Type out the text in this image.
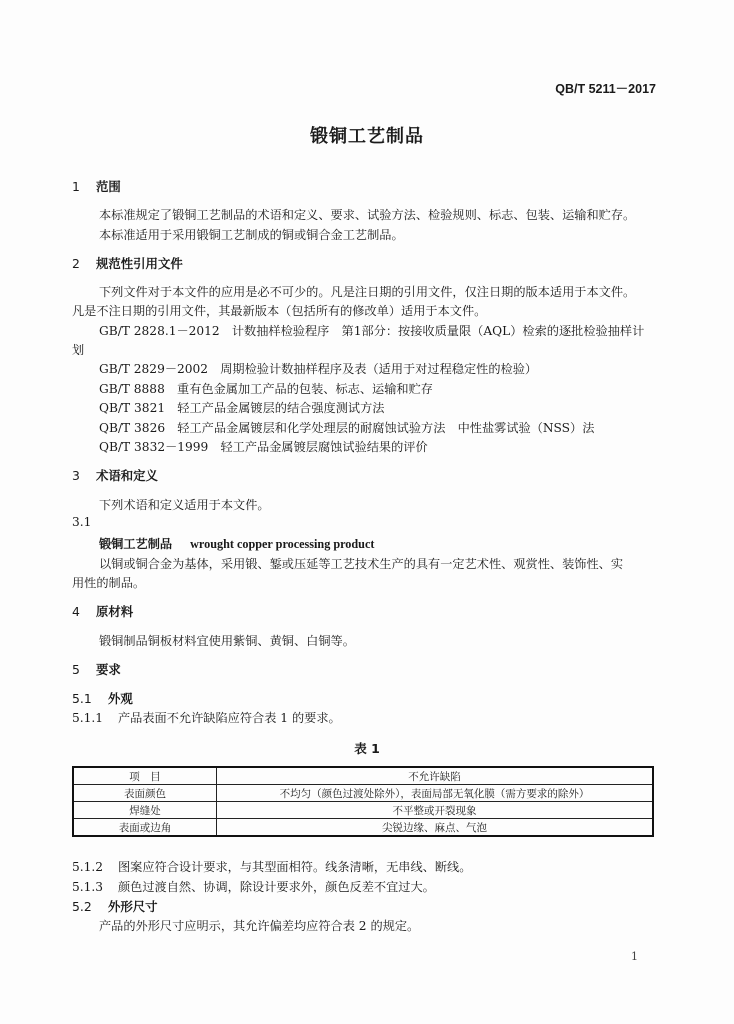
QB/T 5211－2017
锻铜工艺制品
1 范围
本标准规定了锻铜工艺制品的术语和定义、要求、试验方法、检验规则、标志、包装、运输和贮存。
本标准适用于采用锻铜工艺制成的铜或铜合金工艺制品。
2 规范性引用文件
下列文件对于本文件的应用是必不可少的。凡是注日期的引用文件，仅注日期的版本适用于本文件。
凡是不注日期的引用文件，其最新版本（包括所有的修改单）适用于本文件。
GB/T 2828.1－2012　计数抽样检验程序　第1部分：按接收质量限（AQL）检索的逐批检验抽样计
划
GB/T 2829－2002　周期检验计数抽样程序及表（适用于对过程稳定性的检验）
GB/T 8888　重有色金属加工产品的包装、标志、运输和贮存
QB/T 3821　轻工产品金属镀层的结合强度测试方法
QB/T 3826　轻工产品金属镀层和化学处理层的耐腐蚀试验方法　中性盐雾试验（NSS）法
QB/T 3832－1999　轻工产品金属镀层腐蚀试验结果的评价
3 术语和定义
下列术语和定义适用于本文件。
3.1
锻铜工艺制品 wrought copper processing product
以铜或铜合金为基体，采用锻、錾或压延等工艺技术生产的具有一定艺术性、观赏性、装饰性、实
用性的制品。
4 原材料
锻铜制品铜板材料宜使用紫铜、黄铜、白铜等。
5 要求
5.1 外观
5.1.1 产品表面不允许缺陷应符合表 1 的要求。
表 1
项　目	不允许缺陷
表面颜色	不均匀（颜色过渡处除外），表面局部无氧化膜（需方要求的除外）
焊缝处	不平整或开裂现象
表面或边角	尖锐边缘、麻点、气泡
5.1.2 图案应符合设计要求，与其型面相符。线条清晰，无串线、断线。
5.1.3 颜色过渡自然、协调，除设计要求外，颜色反差不宜过大。
5.2 外形尺寸
产品的外形尺寸应明示，其允许偏差均应符合表 2 的规定。
1
